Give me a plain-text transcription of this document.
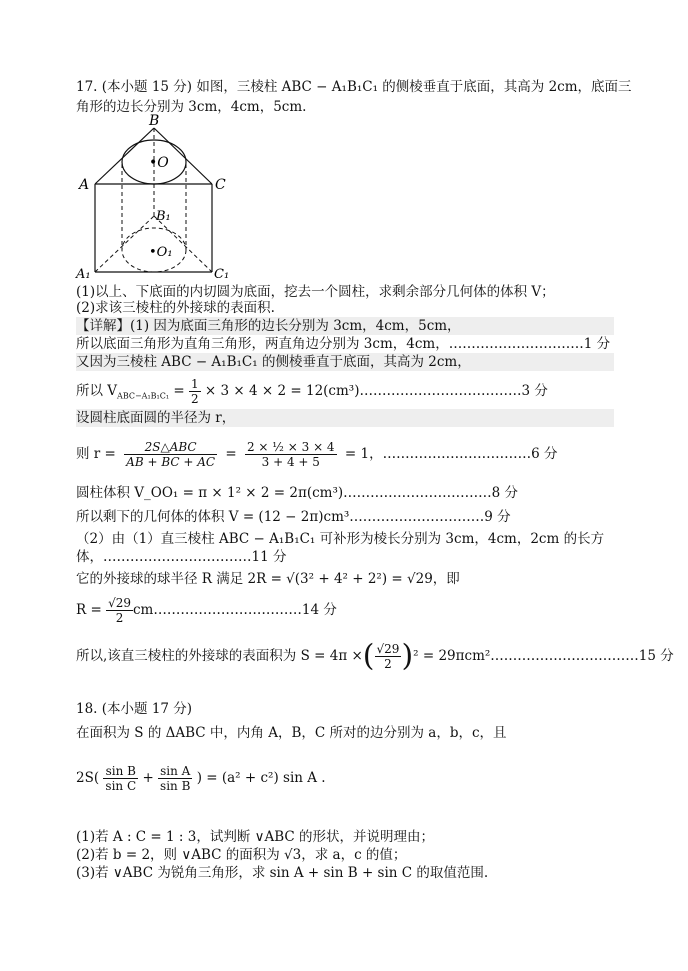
17. (本小题 15 分) 如图，三棱柱 ABC − A₁B₁C₁ 的侧棱垂直于底面，其高为 2cm，底面三
角形的边长分别为 3cm，4cm，5cm.
B
A	C
•O
B₁
A₁	C₁
•O₁
(1)以上、下底面的内切圆为底面，挖去一个圆柱，求剩余部分几何体的体积 V；
(2)求该三棱柱的外接球的表面积.
【详解】(1) 因为底面三角形的边长分别为 3cm，4cm，5cm，
所以底面三角形为直角三角形，两直角边分别为 3cm，4cm，…………………………1 分
又因为三棱柱 ABC − A₁B₁C₁ 的侧棱垂直于底面，其高为 2cm，
所以 $V_{ABC-A_1B_1C_1} = \frac{1}{2} \times 3 \times 4 \times 2$ = 12(cm³)………………………………3 分
设圆柱底面圆的半径为 r，
则 $r = \frac{\text{2S△ABC}}{AB + BC + AC} = \frac{\text{2 × ½ × 3 × 4}}{3 + 4 + 5} = 1$，……………………………6 分
圆柱体积 V_OO₁ = π × 1² × 2 = 2π(cm³)……………………………8 分
所以剩下的几何体的体积 V = (12 − 2π)cm³…………………………9 分
（2）由（1）直三棱柱 ABC − A₁B₁C₁ 可补形为棱长分别为 3cm，4cm，2cm 的长方
体，……………………………11 分
它的外接球的球半径 R 满足 2R = √(3² + 4² + 2²) = √29，即
$R = \frac{√29}{2}$ cm……………………………14 分
所以,该直三棱柱的外接球的表面积为 S = 4π ×( $\frac{√29}{2} )^2$ = 29πcm²……………………………15 分
18. (本小题 17 分)
在面积为 S 的 ΔABC 中，内角 A，B，C 所对的边分别为 a，b，c，且
$2S( \frac{\text{sin B}}{\text{sin C}} + \frac{\text{sin A}}{\text{sin B}}$ ) = (a² + c²) sin A .
(1)若 A : C = 1 : 3，试判断 ∨ABC 的形状，并说明理由；
(2)若 b = 2，则 ∨ABC 的面积为 √3，求 a，c 的值；
(3)若 ∨ABC 为锐角三角形，求 sin A + sin B + sin C 的取值范围.
